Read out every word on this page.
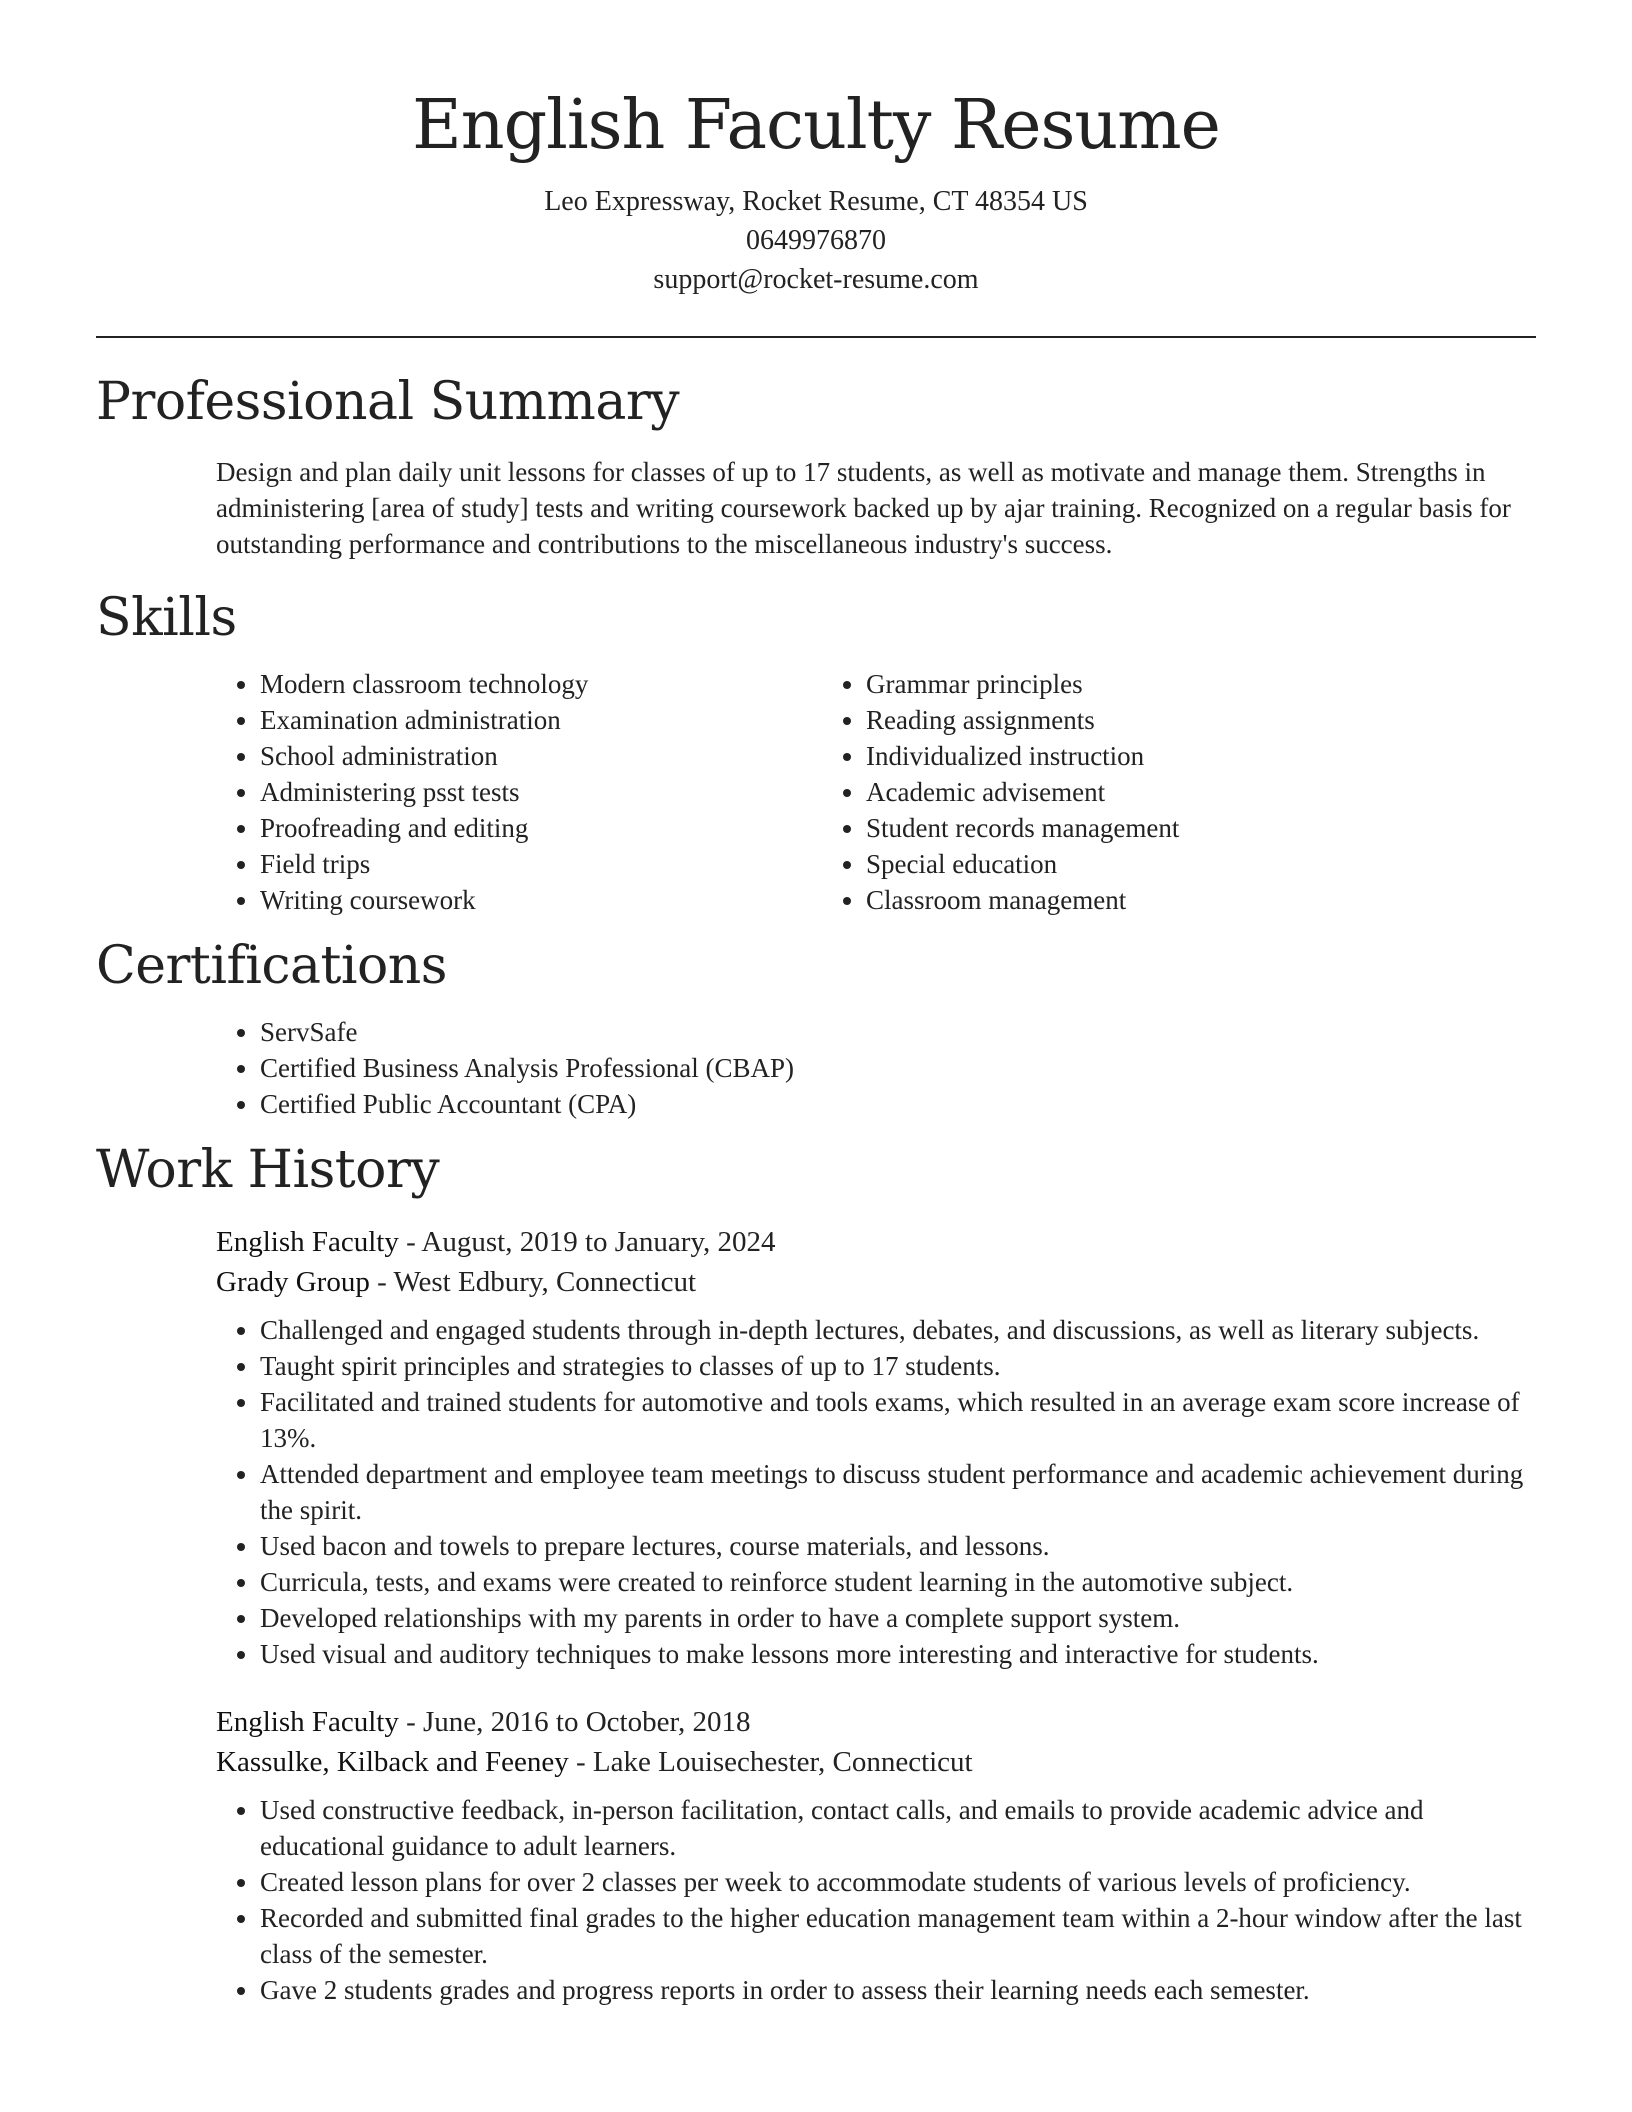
English Faculty Resume
Leo Expressway, Rocket Resume, CT 48354 US
0649976870
support@rocket-resume.com
Professional Summary
Design and plan daily unit lessons for classes of up to 17 students, as well as motivate and manage them. Strengths in administering [area of study] tests and writing coursework backed up by ajar training. Recognized on a regular basis for outstanding performance and contributions to the miscellaneous industry's success.
Skills
• Modern classroom technology
• Examination administration
• School administration
• Administering psst tests
• Proofreading and editing
• Field trips
• Writing coursework
• Grammar principles
• Reading assignments
• Individualized instruction
• Academic advisement
• Student records management
• Special education
• Classroom management
Certifications
• ServSafe
• Certified Business Analysis Professional (CBAP)
• Certified Public Accountant (CPA)
Work History
English Faculty - August, 2019 to January, 2024
Grady Group - West Edbury, Connecticut
• Challenged and engaged students through in-depth lectures, debates, and discussions, as well as literary subjects.
• Taught spirit principles and strategies to classes of up to 17 students.
• Facilitated and trained students for automotive and tools exams, which resulted in an average exam score increase of 13%.
• Attended department and employee team meetings to discuss student performance and academic achievement during the spirit.
• Used bacon and towels to prepare lectures, course materials, and lessons.
• Curricula, tests, and exams were created to reinforce student learning in the automotive subject.
• Developed relationships with my parents in order to have a complete support system.
• Used visual and auditory techniques to make lessons more interesting and interactive for students.
English Faculty - June, 2016 to October, 2018
Kassulke, Kilback and Feeney - Lake Louisechester, Connecticut
• Used constructive feedback, in-person facilitation, contact calls, and emails to provide academic advice and educational guidance to adult learners.
• Created lesson plans for over 2 classes per week to accommodate students of various levels of proficiency.
• Recorded and submitted final grades to the higher education management team within a 2-hour window after the last class of the semester.
• Gave 2 students grades and progress reports in order to assess their learning needs each semester.
